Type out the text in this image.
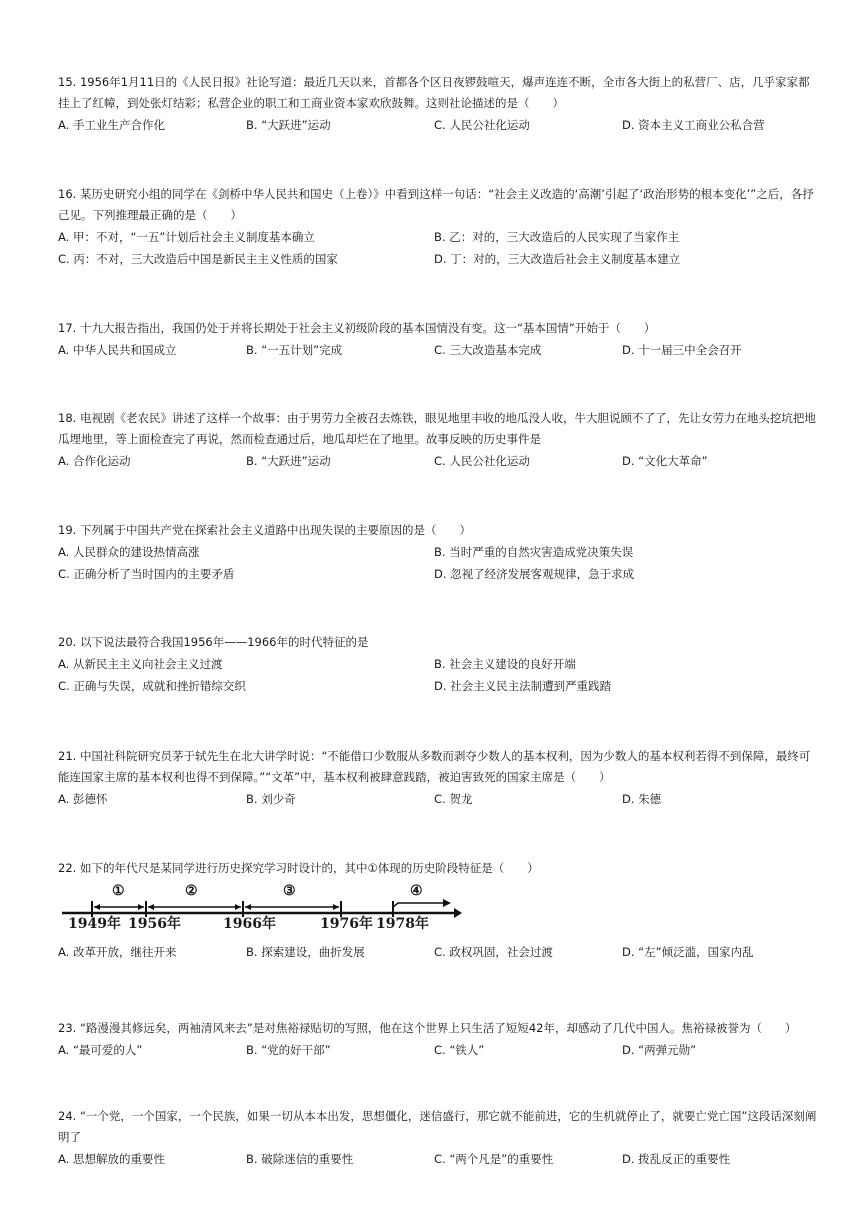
15. 1956年1月11日的《人民日报》社论写道：最近几天以来，首都各个区日夜锣鼓喧天，爆声连连不断，全市各大街上的私营厂、店，几乎家家都挂上了红幛，到处张灯结彩；私营企业的职工和工商业资本家欢欣鼓舞。这则社论描述的是（　　）

A. 手工业生产合作化	B. “大跃进”运动	C. 人民公社化运动	D. 资本主义工商业公私合营

16. 某历史研究小组的同学在《剑桥中华人民共和国史（上卷）》中看到这样一句话：“社会主义改造的‘高潮’引起了‘政治形势的根本变化’”之后，各抒己见。下列推理最正确的是（　　）

A. 甲：不对，“一五”计划后社会主义制度基本确立	B. 乙：对的，三大改造后的人民实现了当家作主
C. 丙：不对，三大改造后中国是新民主主义性质的国家	D. 丁：对的，三大改造后社会主义制度基本建立

17. 十九大报告指出，我国仍处于并将长期处于社会主义初级阶段的基本国情没有变。这一“基本国情”开始于（　　）

A. 中华人民共和国成立	B. “一五计划”完成	C. 三大改造基本完成	D. 十一届三中全会召开

18. 电视剧《老农民》讲述了这样一个故事：由于男劳力全被召去炼铁，眼见地里丰收的地瓜没人收，牛大胆说顾不了了，先让女劳力在地头挖坑把地瓜埋地里，等上面检查完了再说，然而检查通过后，地瓜却烂在了地里。故事反映的历史事件是

A. 合作化运动	B. “大跃进”运动	C. 人民公社化运动	D. “文化大革命”

19. 下列属于中国共产党在探索社会主义道路中出现失误的主要原因的是（　　）

A. 人民群众的建设热情高涨	B. 当时严重的自然灾害造成党决策失误
C. 正确分析了当时国内的主要矛盾	D. 忽视了经济发展客观规律，急于求成

20. 以下说法最符合我国1956年——1966年的时代特征的是

A. 从新民主主义向社会主义过渡	B. 社会主义建设的良好开端
C. 正确与失误，成就和挫折错综交织	D. 社会主义民主法制遭到严重践踏

21. 中国社科院研究员茅于轼先生在北大讲学时说：“不能借口少数服从多数而剥夺少数人的基本权利，因为少数人的基本权利若得不到保障，最终可能连国家主席的基本权利也得不到保障。”“文革”中，基本权利被肆意践踏，被迫害致死的国家主席是（　　）

A. 彭德怀	B. 刘少奇	C. 贺龙	D. 朱德

22. 如下的年代尺是某同学进行历史探究学习时设计的，其中①体现的历史阶段特征是（　　）

①	②	③	④
1949年 1956年	1966年	1976年 1978年
A. 改革开放，继往开来	B. 探索建设，曲折发展	C. 政权巩固，社会过渡	D. “左”倾泛滥，国家内乱

23. “路漫漫其修远矣，两袖清风来去”是对焦裕禄贴切的写照，他在这个世界上只生活了短短42年，却感动了几代中国人。焦裕禄被誉为（　　）

A. “最可爱的人”	B. “党的好干部”	C. “铁人”	D. “两弹元勋”

24. “一个党，一个国家，一个民族，如果一切从本本出发，思想僵化，迷信盛行，那它就不能前进，它的生机就停止了，就要亡党亡国”这段话深刻阐明了

A. 思想解放的重要性	B. 破除迷信的重要性	C. “两个凡是”的重要性	D. 拨乱反正的重要性
